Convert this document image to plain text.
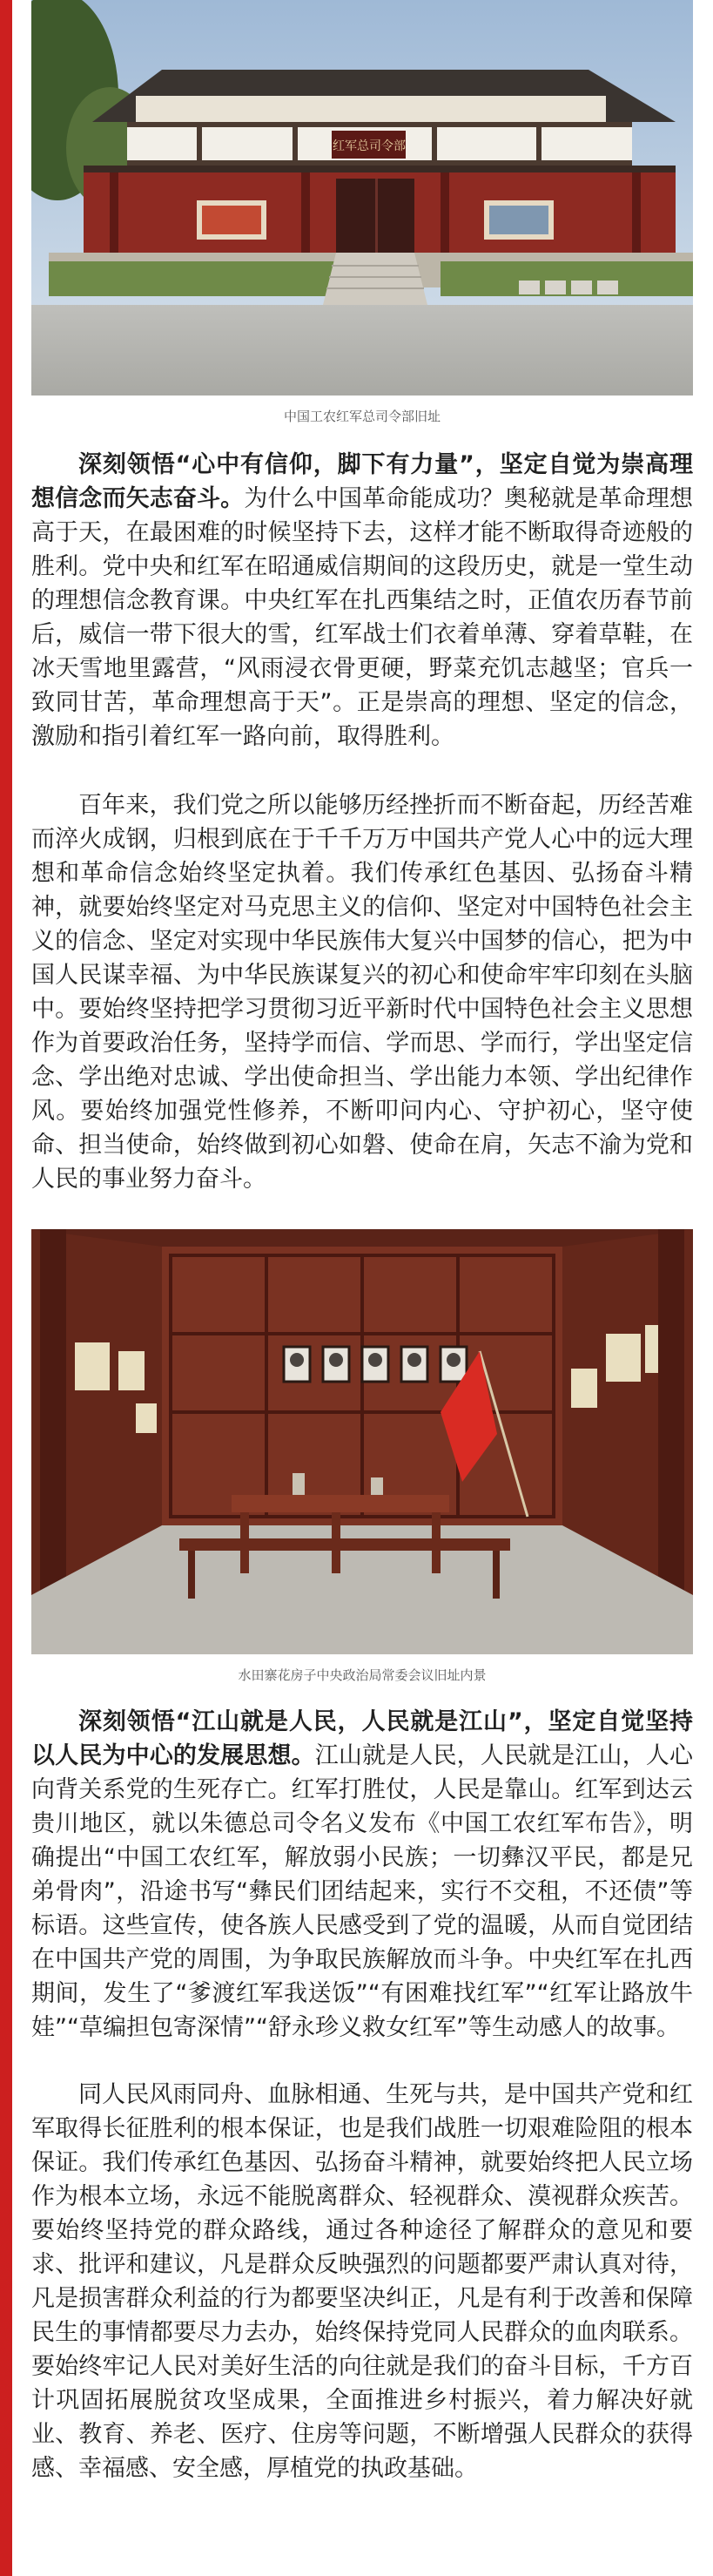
红军总司令部

中国工农红军总司令部旧址

深刻领悟“心中有信仰，脚下有力量”，坚定自觉为崇高理想信念而矢志奋斗。为什么中国革命能成功？奥秘就是革命理想高于天，在最困难的时候坚持下去，这样才能不断取得奇迹般的胜利。党中央和红军在昭通威信期间的这段历史，就是一堂生动的理想信念教育课。中央红军在扎西集结之时，正值农历春节前后，威信一带下很大的雪，红军战士们衣着单薄、穿着草鞋，在冰天雪地里露营，“风雨浸衣骨更硬，野菜充饥志越坚；官兵一致同甘苦，革命理想高于天”。正是崇高的理想、坚定的信念，激励和指引着红军一路向前，取得胜利。

百年来，我们党之所以能够历经挫折而不断奋起，历经苦难而淬火成钢，归根到底在于千千万万中国共产党人心中的远大理想和革命信念始终坚定执着。我们传承红色基因、弘扬奋斗精神，就要始终坚定对马克思主义的信仰、坚定对中国特色社会主义的信念、坚定对实现中华民族伟大复兴中国梦的信心，把为中国人民谋幸福、为中华民族谋复兴的初心和使命牢牢印刻在头脑中。要始终坚持把学习贯彻习近平新时代中国特色社会主义思想作为首要政治任务，坚持学而信、学而思、学而行，学出坚定信念、学出绝对忠诚、学出使命担当、学出能力本领、学出纪律作风。要始终加强党性修养，不断叩问内心、守护初心，坚守使命、担当使命，始终做到初心如磐、使命在肩，矢志不渝为党和人民的事业努力奋斗。

水田寨花房子中央政治局常委会议旧址内景

深刻领悟“江山就是人民，人民就是江山”，坚定自觉坚持以人民为中心的发展思想。江山就是人民，人民就是江山，人心向背关系党的生死存亡。红军打胜仗，人民是靠山。红军到达云贵川地区，就以朱德总司令名义发布《中国工农红军布告》，明确提出“中国工农红军，解放弱小民族；一切彝汉平民，都是兄弟骨肉”，沿途书写“彝民们团结起来，实行不交租，不还债”等标语。这些宣传，使各族人民感受到了党的温暖，从而自觉团结在中国共产党的周围，为争取民族解放而斗争。中央红军在扎西期间，发生了“爹渡红军我送饭”“有困难找红军”“红军让路放牛娃”“草编担包寄深情”“舒永珍义救女红军”等生动感人的故事。

同人民风雨同舟、血脉相通、生死与共，是中国共产党和红军取得长征胜利的根本保证，也是我们战胜一切艰难险阻的根本保证。我们传承红色基因、弘扬奋斗精神，就要始终把人民立场作为根本立场，永远不能脱离群众、轻视群众、漠视群众疾苦。要始终坚持党的群众路线，通过各种途径了解群众的意见和要求、批评和建议，凡是群众反映强烈的问题都要严肃认真对待，凡是损害群众利益的行为都要坚决纠正，凡是有利于改善和保障民生的事情都要尽力去办，始终保持党同人民群众的血肉联系。要始终牢记人民对美好生活的向往就是我们的奋斗目标，千方百计巩固拓展脱贫攻坚成果，全面推进乡村振兴，着力解决好就业、教育、养老、医疗、住房等问题，不断增强人民群众的获得感、幸福感、安全感，厚植党的执政基础。
